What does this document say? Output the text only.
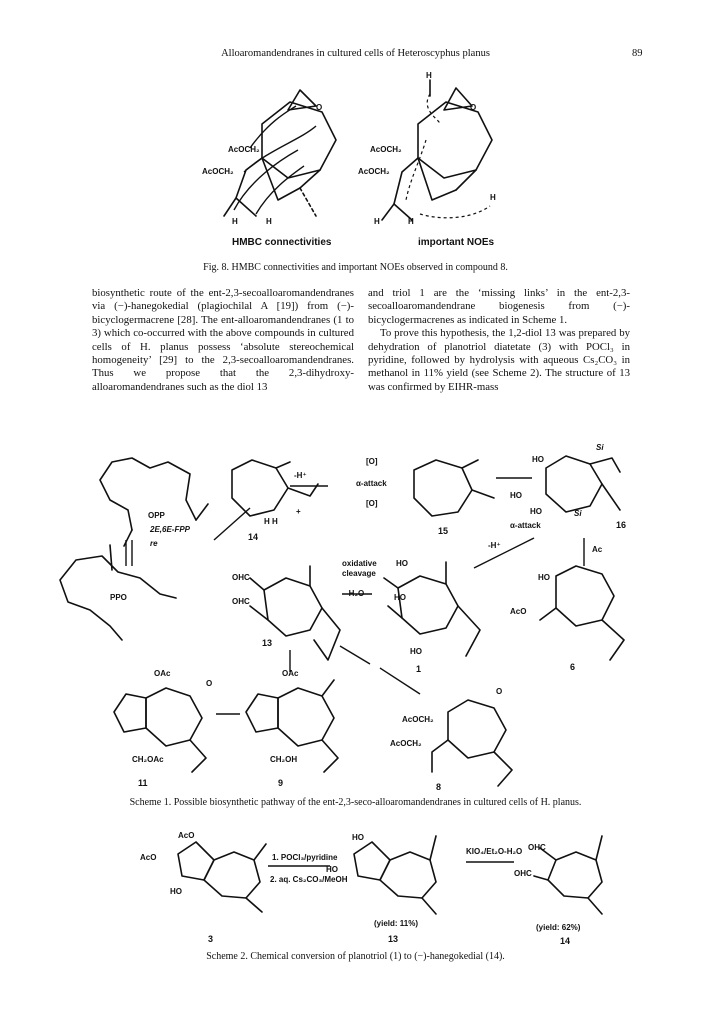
Alloaromandendranes in cultured cells of Heteroscyphus planus	89
AcOCH₂
AcOCH₂
H	H
O
H
AcOCH₂
AcOCH₂
H	H
H
O
HMBC connectivities	important NOEs
Fig. 8. HMBC connectivities and important NOEs observed in compound 8.

biosynthetic route of the ent-2,3-secoalloaromandendranes via (−)-hanegokedial (plagiochilal A [19]) from (−)-bicyclogermacrene [28]. The ent-alloaromandendranes (1 to 3) which co-occurred with the above compounds in cultured cells of H. planus possess ‘absolute stereochemical homogeneity’ [29] to the 2,3-secoalloaromandendranes. Thus we propose that the 2,3-dihydroxy-alloaromandendranes such as the diol 13

and triol 1 are the ‘missing links’ in the ent-2,3-secoalloaromandendrane biogenesis from (−)-bicyclogermacrenes as indicated in Scheme 1.

To prove this hypothesis, the 1,2-diol 13 was prepared by dehydration of planotriol diatetate (3) with POCl₃ in pyridine, followed by hydrolysis with aqueous Cs₂CO₃ in methanol in 11% yield (see Scheme 2). The structure of 13 was confirmed by EIHR-mass

OPP
2E,6E-FPP
re
PPO
-H⁺
+
H H
[O]
α-attack
[O]
Si
HO
HO
HO	Si
α-attack
-H⁺	Ac
oxidative
cleavage
-H₂O
HO
HO
HO
HO
AcO
OHC
OHC
OAc	OAc
O
CH₂OAc	CH₂OH
AcOCH₂
AcOCH₂
O
14
15
16
1	6
13
11	9	8
Scheme 1. Possible biosynthetic pathway of the ent-2,3-seco-alloaromandendranes in cultured cells of H. planus.
AcO
AcO
HO
HO
HO
OHC
OHC
1. POCl₃/pyridine
2. aq. Cs₂CO₃/MeOH
KIO₄/Et₂O-H₂O
(yield: 11%)	(yield: 62%)
3	13	14
Scheme 2. Chemical conversion of planotriol (1) to (−)-hanegokedial (14).
